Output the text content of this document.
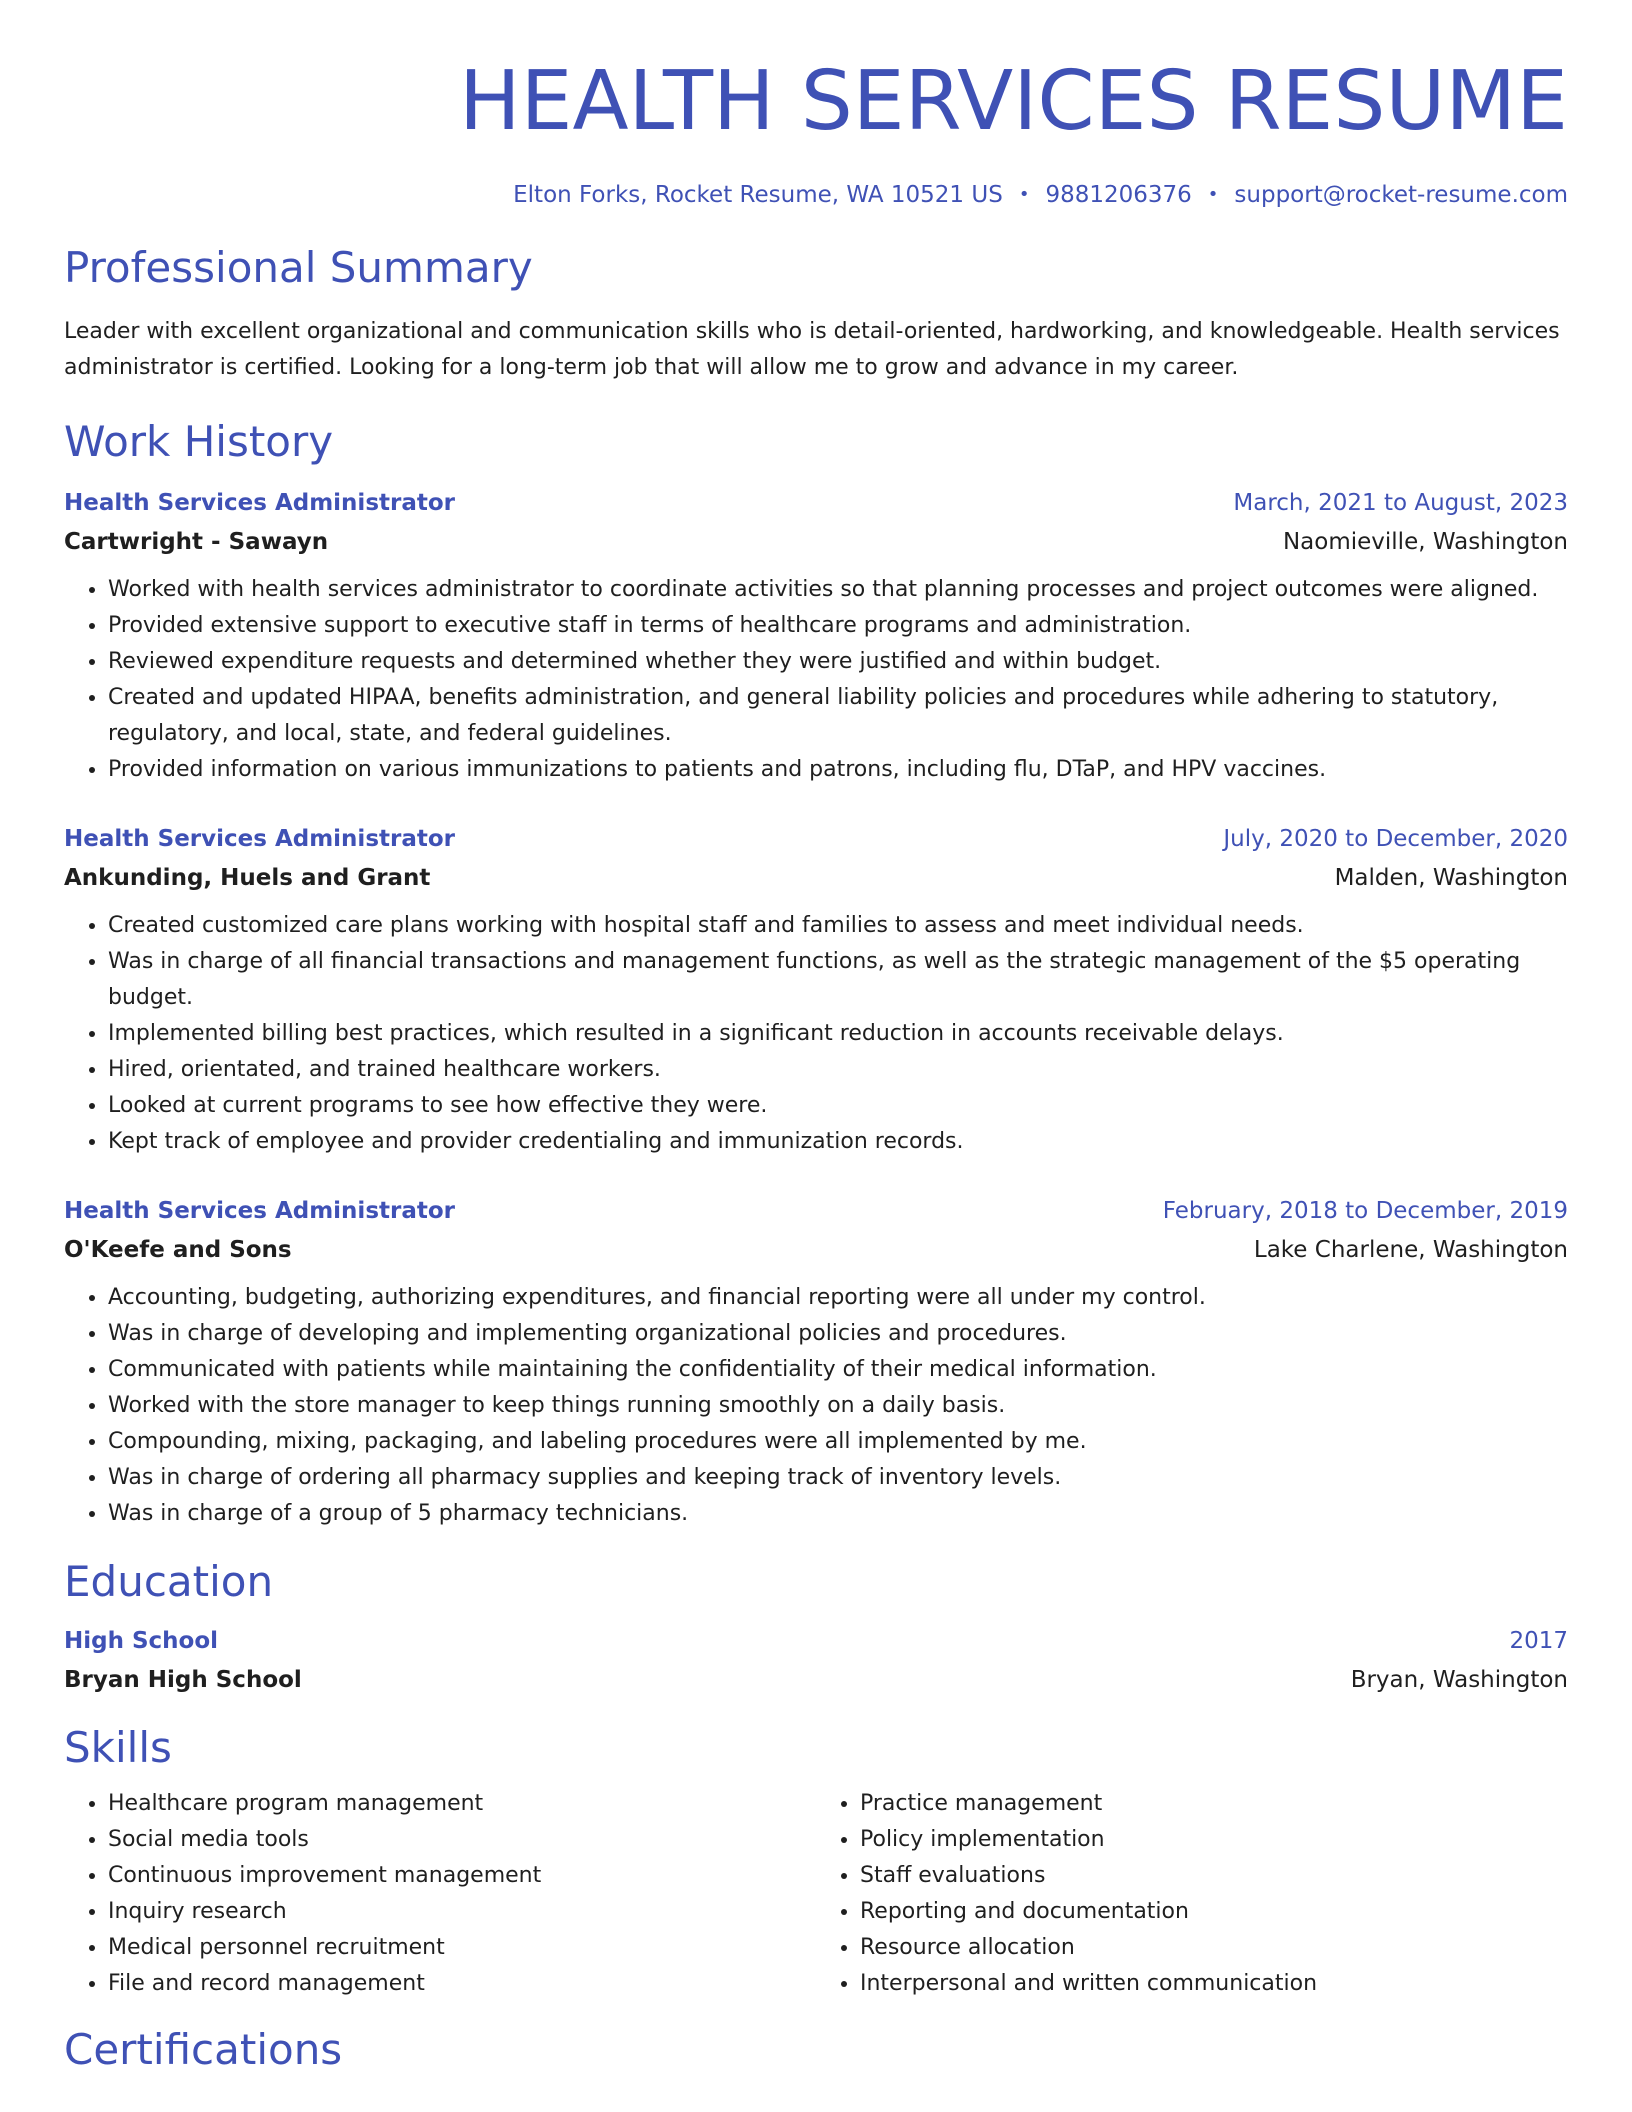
HEALTH SERVICES RESUME
Elton Forks, Rocket Resume, WA 10521 US • 9881206376 • support@rocket-resume.com
Professional Summary
Leader with excellent organizational and communication skills who is detail-oriented, hardworking, and knowledgeable. Health services administrator is certified. Looking for a long-term job that will allow me to grow and advance in my career.
Work History
Health Services Administrator	March, 2021 to August, 2023
Cartwright - Sawayn	Naomieville, Washington
• Worked with health services administrator to coordinate activities so that planning processes and project outcomes were aligned.
• Provided extensive support to executive staff in terms of healthcare programs and administration.
• Reviewed expenditure requests and determined whether they were justified and within budget.
• Created and updated HIPAA, benefits administration, and general liability policies and procedures while adhering to statutory, regulatory, and local, state, and federal guidelines.
• Provided information on various immunizations to patients and patrons, including flu, DTaP, and HPV vaccines.
Health Services Administrator	July, 2020 to December, 2020
Ankunding, Huels and Grant	Malden, Washington
• Created customized care plans working with hospital staff and families to assess and meet individual needs.
• Was in charge of all financial transactions and management functions, as well as the strategic management of the $5 operating budget.
• Implemented billing best practices, which resulted in a significant reduction in accounts receivable delays.
• Hired, orientated, and trained healthcare workers.
• Looked at current programs to see how effective they were.
• Kept track of employee and provider credentialing and immunization records.
Health Services Administrator	February, 2018 to December, 2019
O'Keefe and Sons	Lake Charlene, Washington
• Accounting, budgeting, authorizing expenditures, and financial reporting were all under my control.
• Was in charge of developing and implementing organizational policies and procedures.
• Communicated with patients while maintaining the confidentiality of their medical information.
• Worked with the store manager to keep things running smoothly on a daily basis.
• Compounding, mixing, packaging, and labeling procedures were all implemented by me.
• Was in charge of ordering all pharmacy supplies and keeping track of inventory levels.
• Was in charge of a group of 5 pharmacy technicians.
Education
High School	2017
Bryan High School	Bryan, Washington
Skills
• Healthcare program management
• Social media tools
• Continuous improvement management
• Inquiry research
• Medical personnel recruitment
• File and record management
• Practice management
• Policy implementation
• Staff evaluations
• Reporting and documentation
• Resource allocation
• Interpersonal and written communication
Certifications
